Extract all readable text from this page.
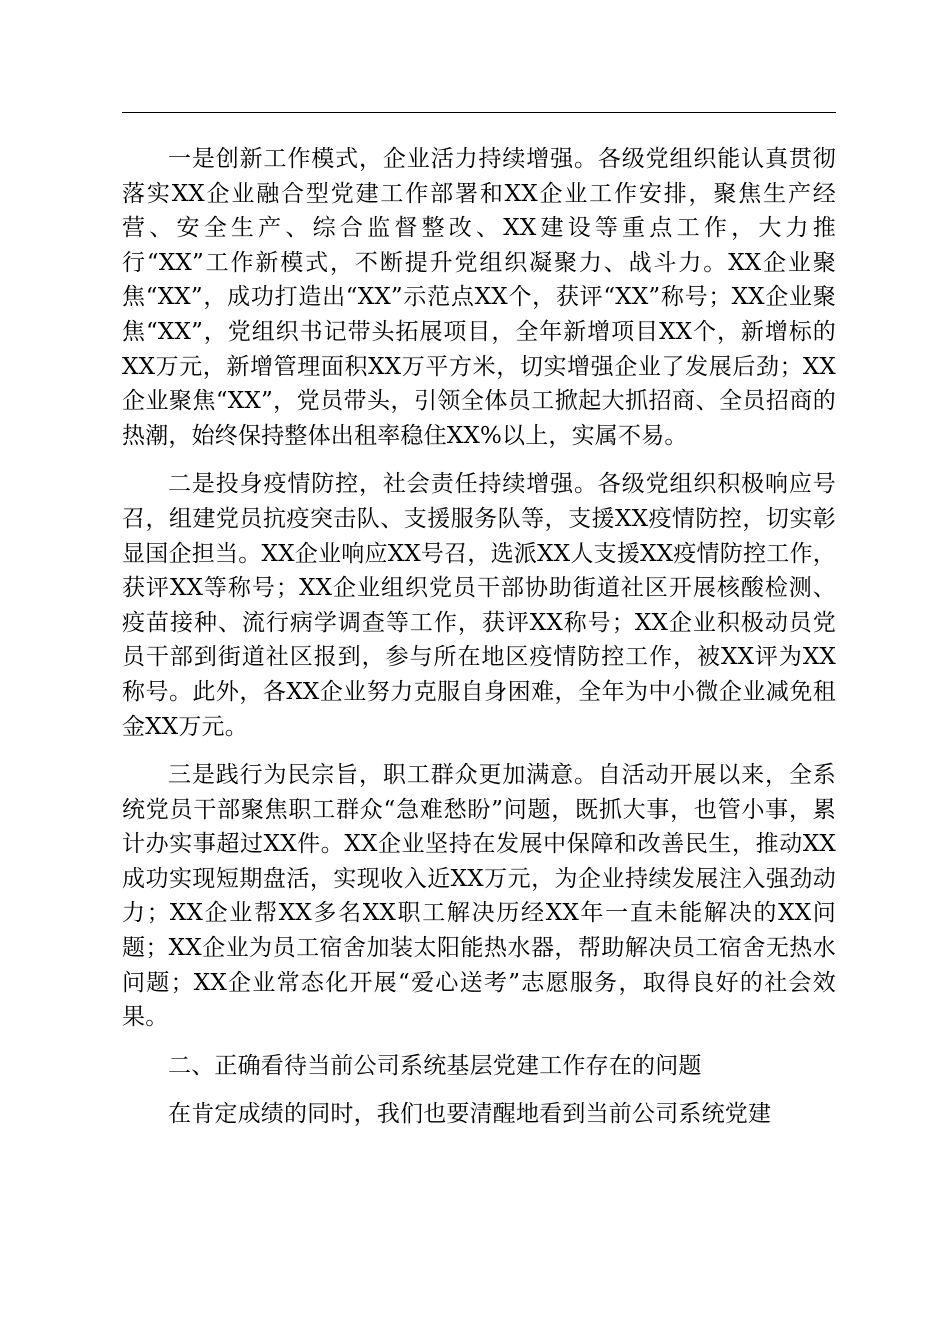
一是创新工作模式，企业活力持续增强。各级党组织能认真贯彻落实XX企业融合型党建工作部署和XX企业工作安排，聚焦生产经营、安全生产、综合监督整改、XX建设等重点工作，大力推行“XX”工作新模式，不断提升党组织凝聚力、战斗力。XX企业聚焦“XX”，成功打造出“XX”示范点XX个，获评“XX”称号；XX企业聚焦“XX”，党组织书记带头拓展项目，全年新增项目XX个，新增标的XX万元，新增管理面积XX万平方米，切实增强企业了发展后劲；XX企业聚焦“XX”，党员带头，引领全体员工掀起大抓招商、全员招商的热潮，始终保持整体出租率稳住XX%以上，实属不易。

二是投身疫情防控，社会责任持续增强。各级党组织积极响应号召，组建党员抗疫突击队、支援服务队等，支援XX疫情防控，切实彰显国企担当。XX企业响应XX号召，选派XX人支援XX疫情防控工作，获评XX等称号；XX企业组织党员干部协助街道社区开展核酸检测、疫苗接种、流行病学调查等工作，获评XX称号；XX企业积极动员党员干部到街道社区报到，参与所在地区疫情防控工作，被XX评为XX称号。此外，各XX企业努力克服自身困难，全年为中小微企业减免租金XX万元。

三是践行为民宗旨，职工群众更加满意。自活动开展以来，全系统党员干部聚焦职工群众“急难愁盼”问题，既抓大事，也管小事，累计办实事超过XX件。XX企业坚持在发展中保障和改善民生，推动XX成功实现短期盘活，实现收入近XX万元，为企业持续发展注入强劲动力；XX企业帮XX多名XX职工解决历经XX年一直未能解决的XX问题；XX企业为员工宿舍加装太阳能热水器，帮助解决员工宿舍无热水问题；XX企业常态化开展“爱心送考”志愿服务，取得良好的社会效果。

二、正确看待当前公司系统基层党建工作存在的问题

在肯定成绩的同时，我们也要清醒地看到当前公司系统党建
